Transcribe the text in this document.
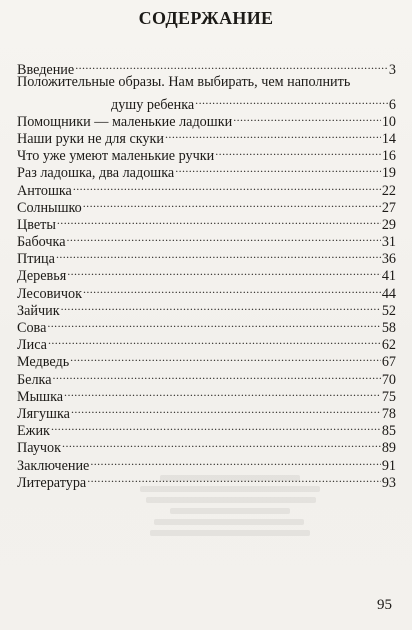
СОДЕРЖАНИЕ
Введение .....	3
Положительные образы. Нам выбирать, чем наполнить
душу ребенка .....	6
Помощники — маленькие ладошки .....	10
Наши руки не для скуки .....	14
Что уже умеют маленькие ручки .....	16
Раз ладошка, два ладошка .....	19
Антошка .....	22
Солнышко .....	27
Цветы .....	29
Бабочка .....	31
Птица .....	36
Деревья .....	41
Лесовичок .....	44
Зайчик .....	52
Сова .....	58
Лиса .....	62
Медведь .....	67
Белка .....	70
Мышка .....	75
Лягушка .....	78
Ежик .....	85
Паучок .....	89
Заключение .....	91
Литература .....	93
95
